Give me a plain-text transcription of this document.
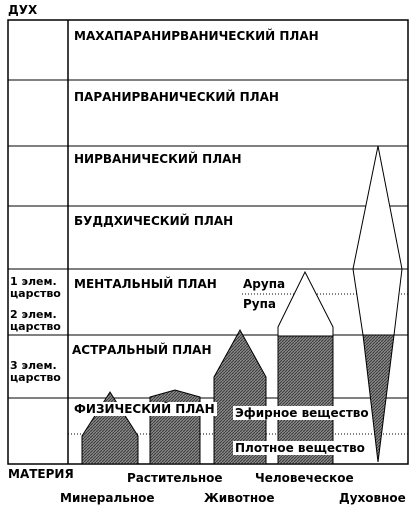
ДУХ
МАТЕРИЯ
МАХАПАРАНИРВАНИЧЕСКИЙ ПЛАН
ПАРАНИРВАНИЧЕСКИЙ ПЛАН
НИРВАНИЧЕСКИЙ ПЛАН
БУДДХИЧЕСКИЙ ПЛАН
МЕНТАЛЬНЫЙ ПЛАН
АСТРАЛЬНЫЙ ПЛАН
ФИЗИЧЕСКИЙ ПЛАН
Арупа
Рупа
Эфирное вещество
Плотное вещество
1 элем.
царство
2 элем.
царство
3 элем.
царство
Минеральное
Растительное
Животное
Человеческое
Духовное
